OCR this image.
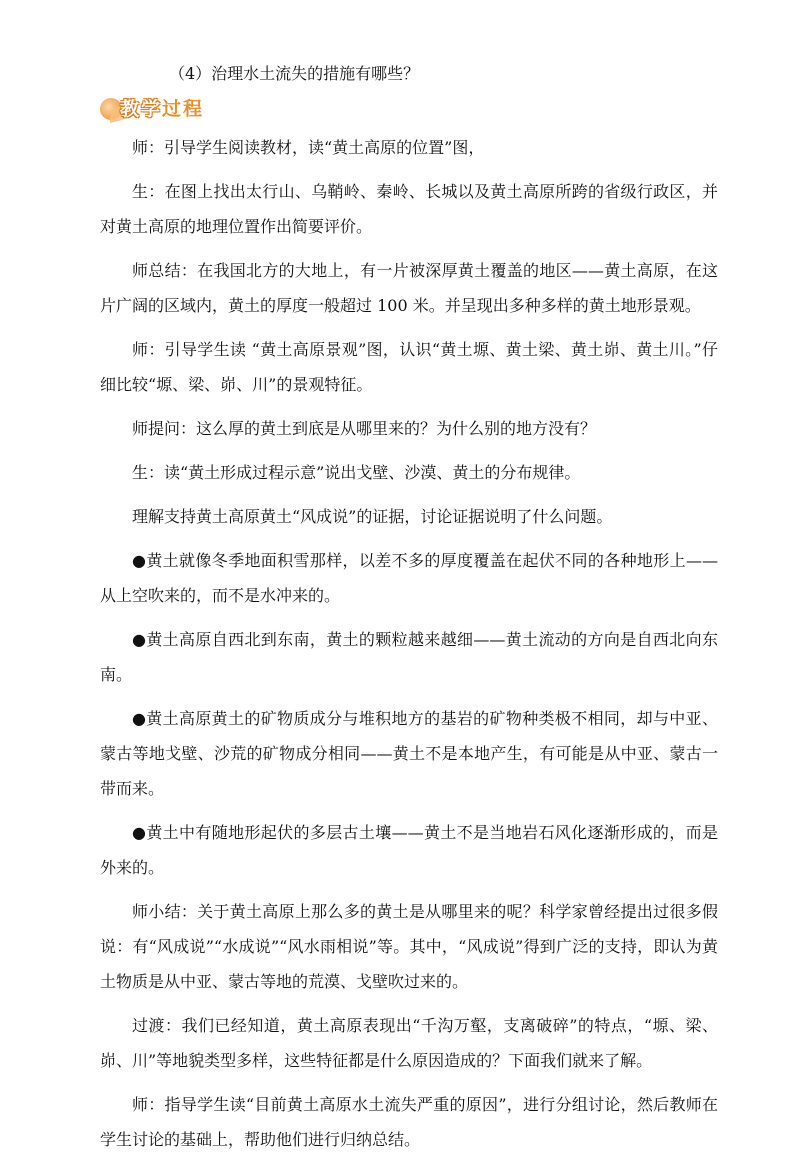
（4）治理水土流失的措施有哪些？
教学过程

师：引导学生阅读教材，读“黄土高原的位置”图，

生：在图上找出太行山、乌鞘岭、秦岭、长城以及黄土高原所跨的省级行政区，并对黄土高原的地理位置作出简要评价。

师总结：在我国北方的大地上，有一片被深厚黄土覆盖的地区——黄土高原，在这片广阔的区域内，黄土的厚度一般超过 100 米。并呈现出多种多样的黄土地形景观。

师：引导学生读 “黄土高原景观”图，认识“黄土塬、黄土梁、黄土峁、黄土川。”仔细比较“塬、梁、峁、川”的景观特征。

师提问：这么厚的黄土到底是从哪里来的？为什么别的地方没有？

生：读“黄土形成过程示意”说出戈壁、沙漠、黄土的分布规律。

理解支持黄土高原黄土“风成说”的证据，讨论证据说明了什么问题。

●黄土就像冬季地面积雪那样，以差不多的厚度覆盖在起伏不同的各种地形上——从上空吹来的，而不是水冲来的。

●黄土高原自西北到东南，黄土的颗粒越来越细——黄土流动的方向是自西北向东南。

●黄土高原黄土的矿物质成分与堆积地方的基岩的矿物种类极不相同，却与中亚、蒙古等地戈壁、沙荒的矿物成分相同——黄土不是本地产生，有可能是从中亚、蒙古一带而来。

●黄土中有随地形起伏的多层古土壤——黄土不是当地岩石风化逐渐形成的，而是外来的。

师小结：关于黄土高原上那么多的黄土是从哪里来的呢？科学家曾经提出过很多假说：有“风成说”“水成说”“风水雨相说”等。其中，“风成说”得到广泛的支持，即认为黄土物质是从中亚、蒙古等地的荒漠、戈壁吹过来的。

过渡：我们已经知道，黄土高原表现出“千沟万壑，支离破碎”的特点，“塬、梁、峁、川”等地貌类型多样，这些特征都是什么原因造成的？下面我们就来了解。

师：指导学生读“目前黄土高原水土流失严重的原因”，进行分组讨论，然后教师在学生讨论的基础上，帮助他们进行归纳总结。
